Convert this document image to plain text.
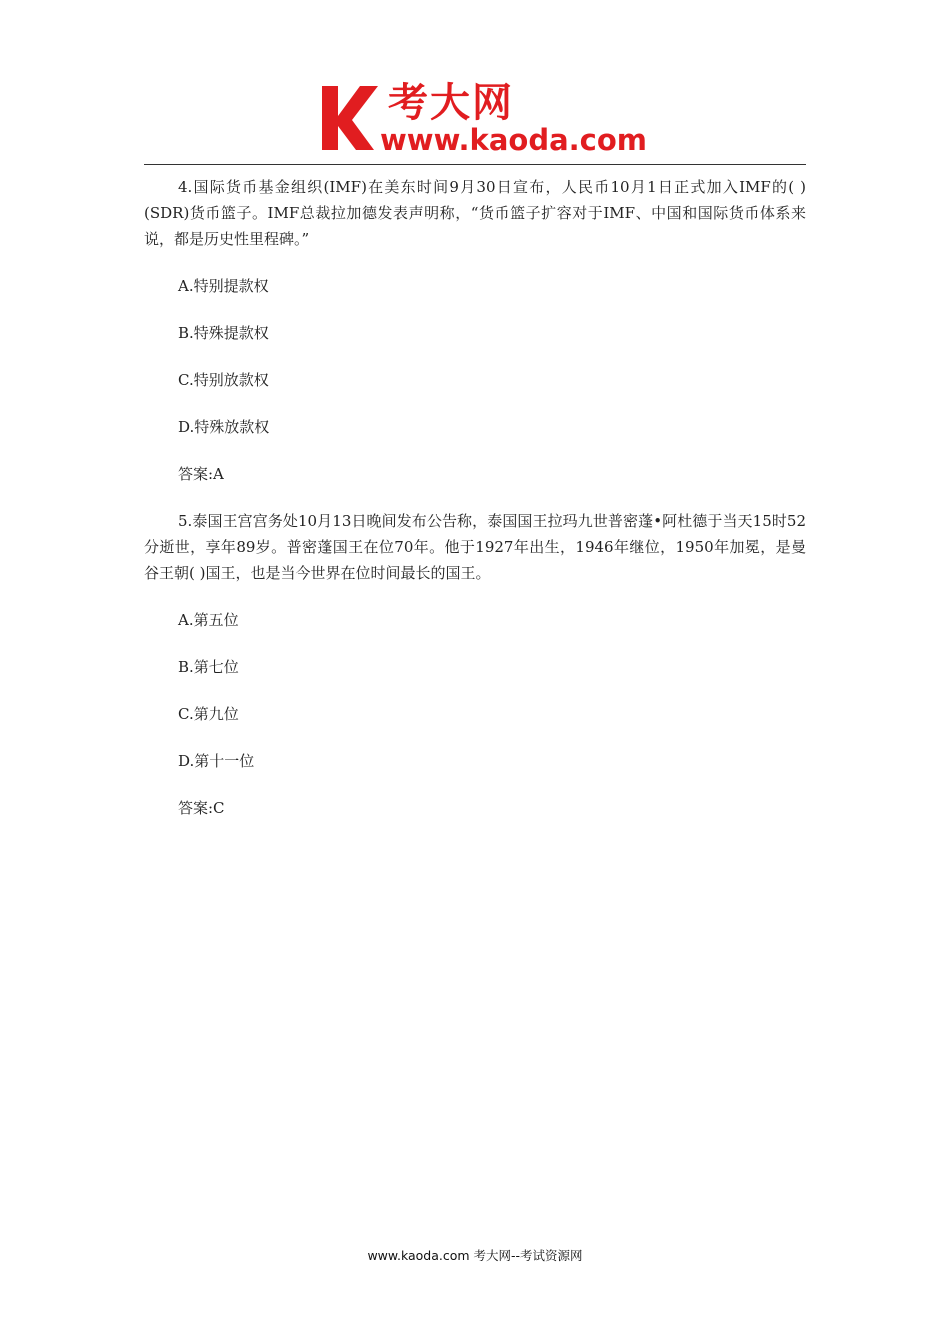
考大网
www.kaoda.com

4.国际货币基金组织(IMF)在美东时间9月30日宣布，人民币10月1日正式加入IMF的( )(SDR)货币篮子。IMF总裁拉加德发表声明称，“货币篮子扩容对于IMF、中国和国际货币体系来说，都是历史性里程碑。”

A.特别提款权

B.特殊提款权

C.特别放款权

D.特殊放款权

答案:A

5.泰国王宫宫务处10月13日晚间发布公告称，泰国国王拉玛九世普密蓬•阿杜德于当天15时52分逝世，享年89岁。普密蓬国王在位70年。他于1927年出生，1946年继位，1950年加冕，是曼谷王朝( )国王，也是当今世界在位时间最长的国王。

A.第五位

B.第七位

C.第九位

D.第十一位

答案:C

www.kaoda.com 考大网--考试资源网
